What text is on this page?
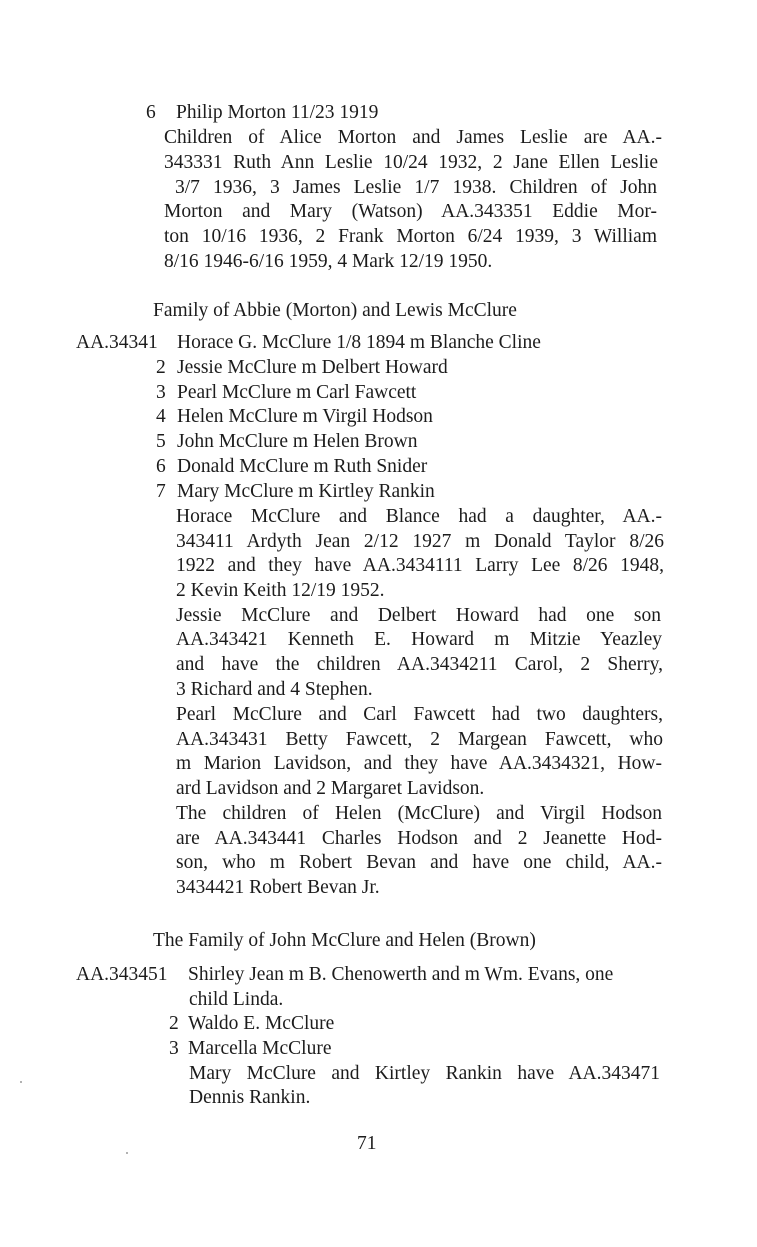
6 Philip Morton 11/23 1919

Children of Alice Morton and James Leslie are AA.-

343331 Ruth Ann Leslie 10/24 1932, 2 Jane Ellen Leslie

3/7 1936, 3 James Leslie 1/7 1938. Children of John

Morton and Mary (Watson) AA.343351 Eddie Mor-

ton 10/16 1936, 2 Frank Morton 6/24 1939, 3 William

8/16 1946-6/16 1959, 4 Mark 12/19 1950.

Family of Abbie (Morton) and Lewis McClure

AA.34341 Horace G. McClure 1/8 1894 m Blanche Cline

2 Jessie McClure m Delbert Howard

3 Pearl McClure m Carl Fawcett

4 Helen McClure m Virgil Hodson

5 John McClure m Helen Brown

6 Donald McClure m Ruth Snider

7 Mary McClure m Kirtley Rankin

Horace McClure and Blance had a daughter, AA.-

343411 Ardyth Jean 2/12 1927 m Donald Taylor 8/26

1922 and they have AA.3434111 Larry Lee 8/26 1948,

2 Kevin Keith 12/19 1952.

Jessie McClure and Delbert Howard had one son

AA.343421 Kenneth E. Howard m Mitzie Yeazley

and have the children AA.3434211 Carol, 2 Sherry,

3 Richard and 4 Stephen.

Pearl McClure and Carl Fawcett had two daughters,

AA.343431 Betty Fawcett, 2 Margean Fawcett, who

m Marion Lavidson, and they have AA.3434321, How-

ard Lavidson and 2 Margaret Lavidson.

The children of Helen (McClure) and Virgil Hodson

are AA.343441 Charles Hodson and 2 Jeanette Hod-

son, who m Robert Bevan and have one child, AA.-

3434421 Robert Bevan Jr.

The Family of John McClure and Helen (Brown)

AA.343451 Shirley Jean m B. Chenowerth and m Wm. Evans, one

child Linda.

2 Waldo E. McClure

3 Marcella McClure

Mary McClure and Kirtley Rankin have AA.343471

Dennis Rankin.

71
